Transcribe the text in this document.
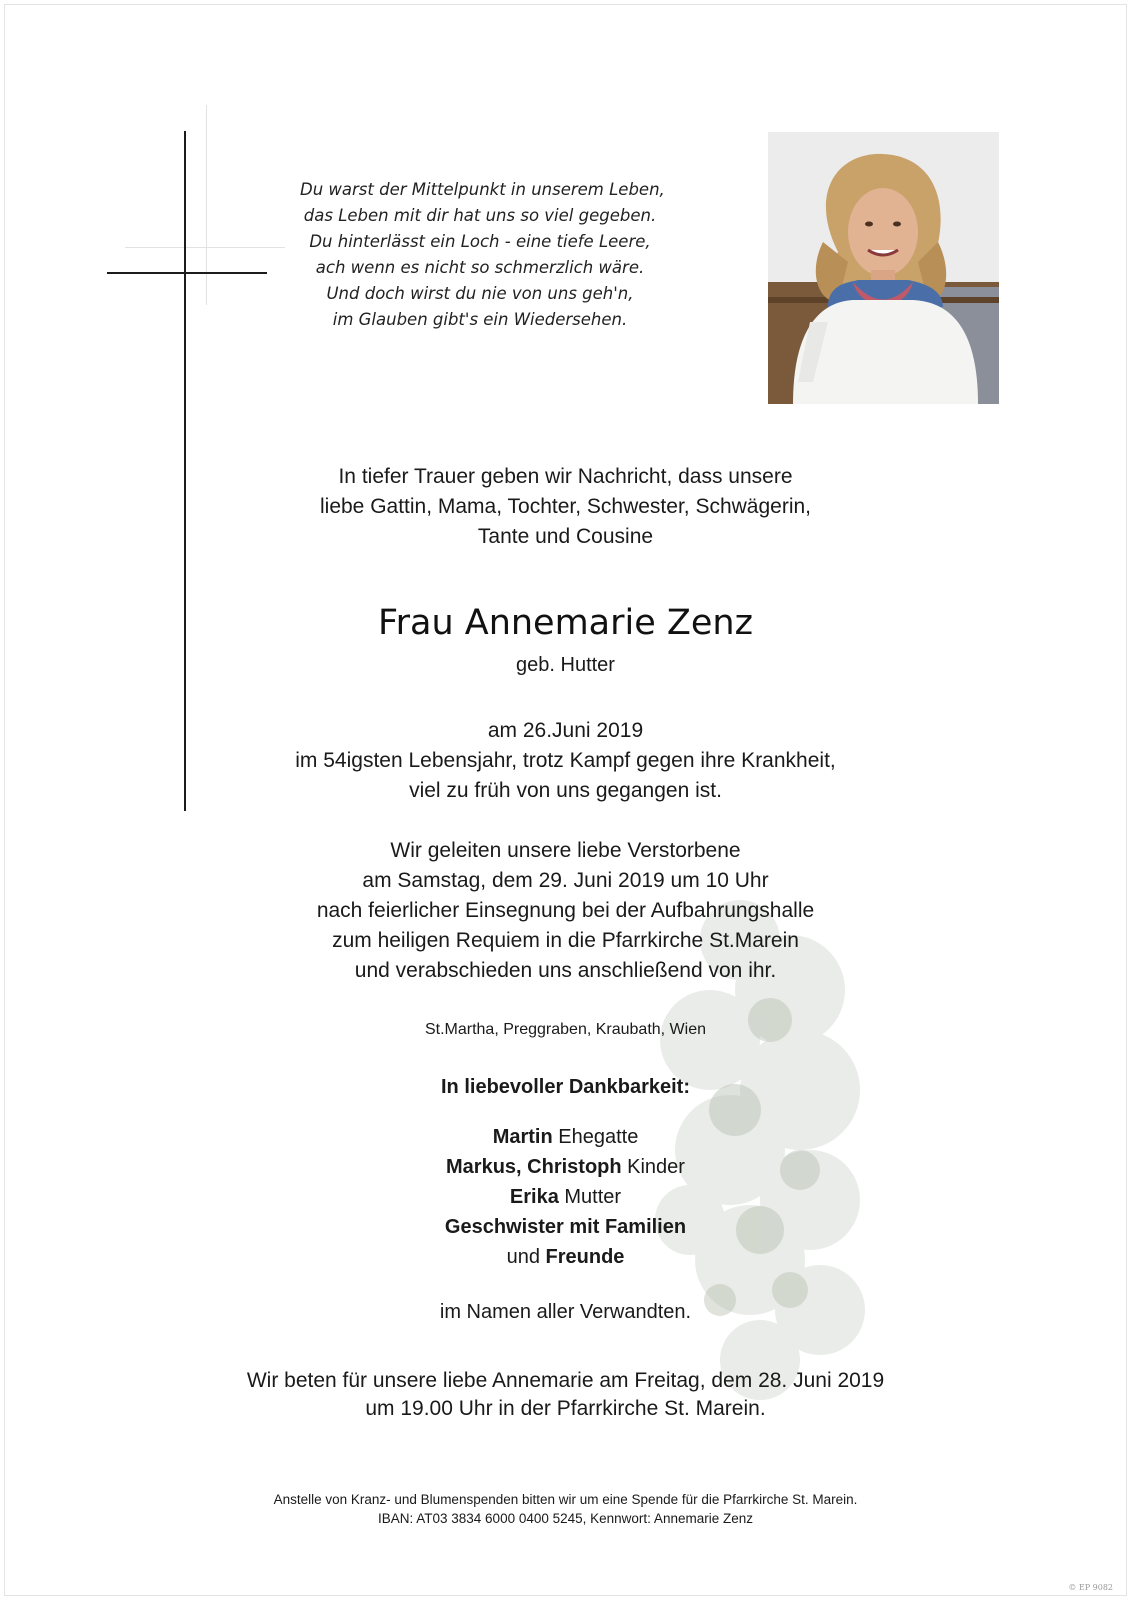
Du warst der Mittelpunkt in unserem Leben,
das Leben mit dir hat uns so viel gegeben.
Du hinterlässt ein Loch - eine tiefe Leere,
ach wenn es nicht so schmerzlich wäre.
Und doch wirst du nie von uns geh'n,
im Glauben gibt's ein Wiedersehen.
In tiefer Trauer geben wir Nachricht, dass unsere
liebe Gattin, Mama, Tochter, Schwester, Schwägerin,
Tante und Cousine
Frau Annemarie Zenz
geb. Hutter
am 26.Juni 2019
im 54igsten Lebensjahr, trotz Kampf gegen ihre Krankheit,
viel zu früh von uns gegangen ist.
Wir geleiten unsere liebe Verstorbene
am Samstag, dem 29. Juni 2019 um 10 Uhr
nach feierlicher Einsegnung bei der Aufbahrungshalle
zum heiligen Requiem in die Pfarrkirche St.Marein
und verabschieden uns anschließend von ihr.
St.Martha, Preggraben, Kraubath, Wien
In liebevoller Dankbarkeit:
Martin Ehegatte
Markus, Christoph Kinder
Erika Mutter
Geschwister mit Familien
und Freunde
im Namen aller Verwandten.
Wir beten für unsere liebe Annemarie am Freitag, dem 28. Juni 2019
um 19.00 Uhr in der Pfarrkirche St. Marein.
Anstelle von Kranz- und Blumenspenden bitten wir um eine Spende für die Pfarrkirche St. Marein.
IBAN: AT03 3834 6000 0400 5245, Kennwort: Annemarie Zenz
© EP 9082
